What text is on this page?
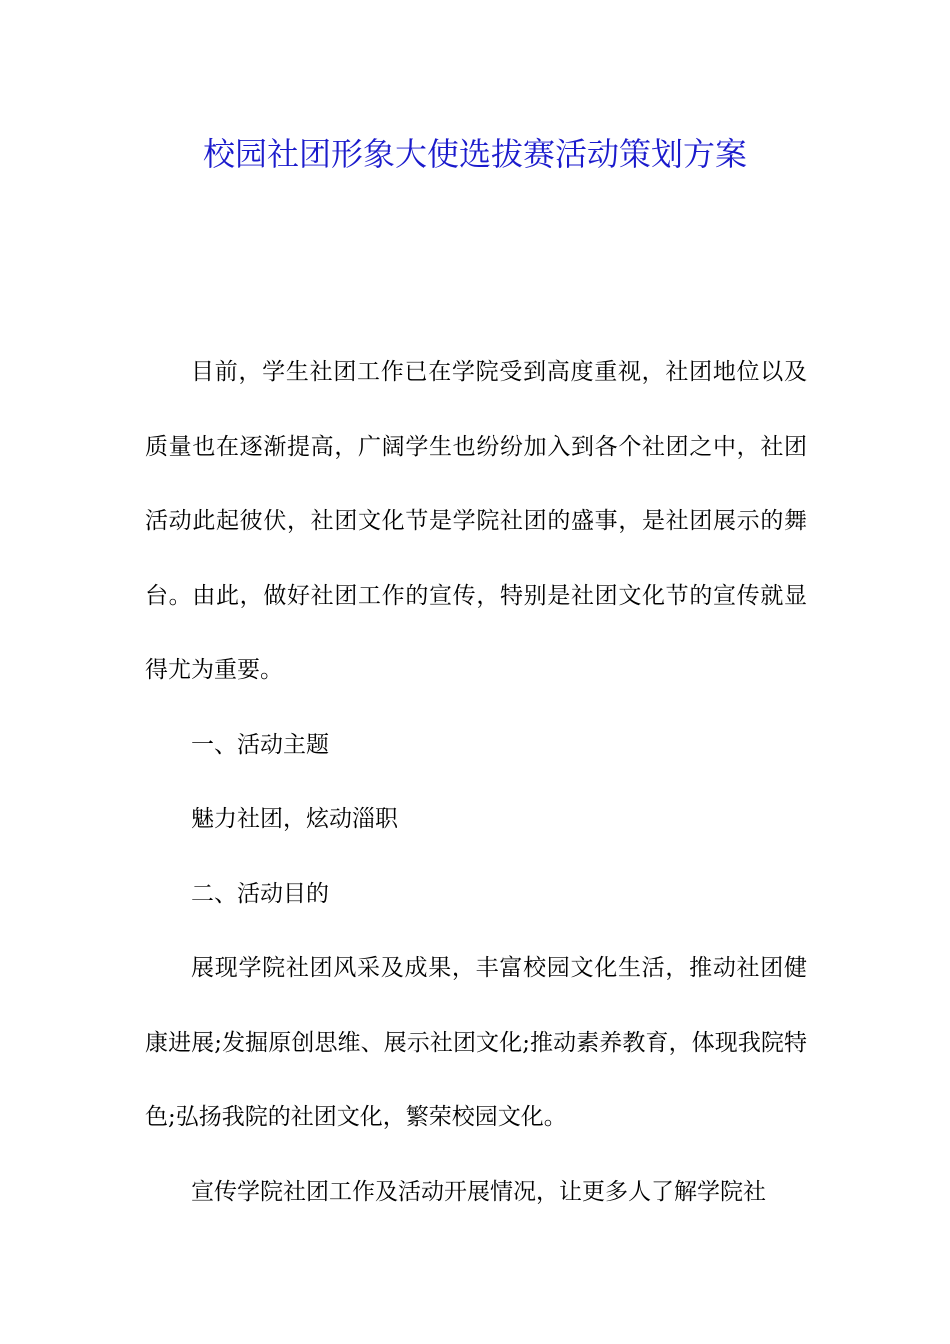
校园社团形象大使选拔赛活动策划方案

目前，学生社团工作已在学院受到高度重视，社团地位以及质量也在逐渐提高，广阔学生也纷纷加入到各个社团之中，社团活动此起彼伏，社团文化节是学院社团的盛事，是社团展示的舞台。由此，做好社团工作的宣传，特别是社团文化节的宣传就显得尤为重要。

一、活动主题

魅力社团，炫动淄职

二、活动目的

展现学院社团风采及成果，丰富校园文化生活，推动社团健康进展;发掘原创思维、展示社团文化;推动素养教育，体现我院特色;弘扬我院的社团文化，繁荣校园文化。

宣传学院社团工作及活动开展情况，让更多人了解学院社
